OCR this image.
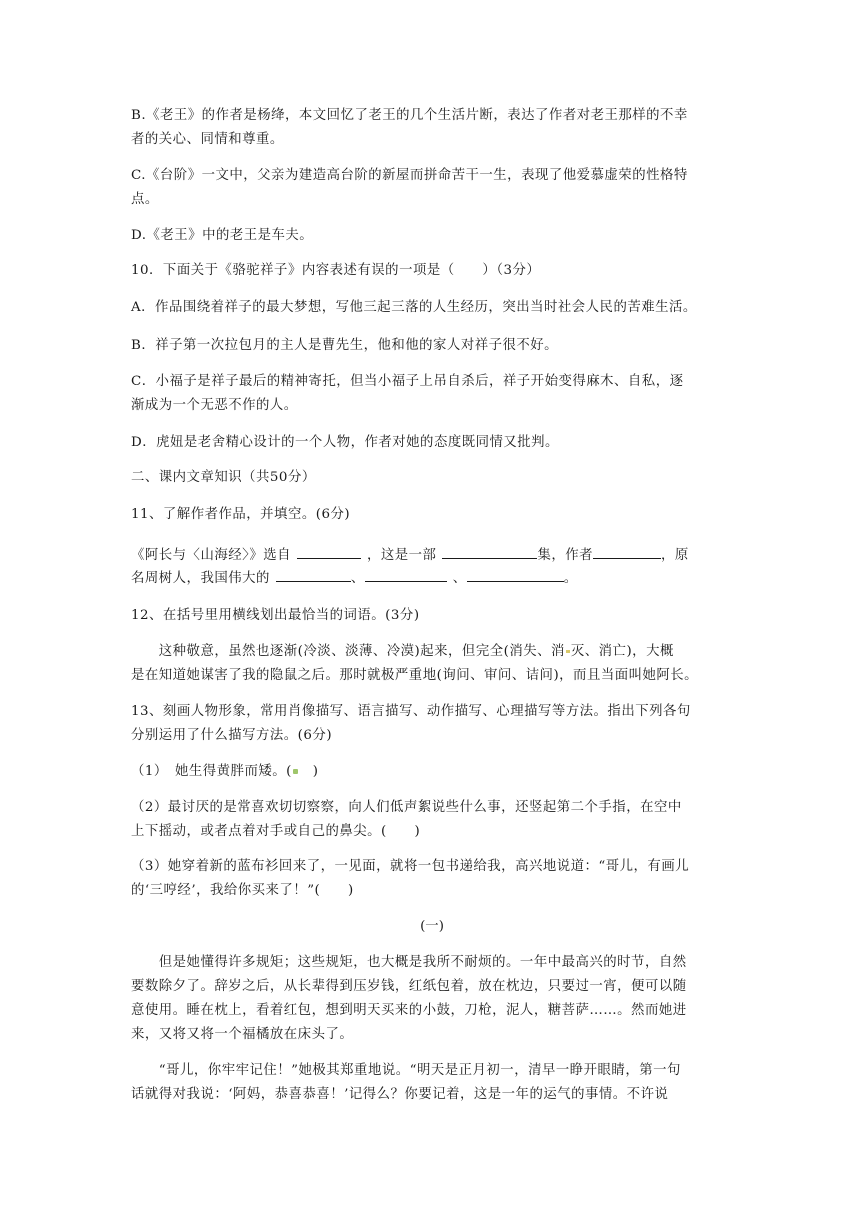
B.《老王》的作者是杨绛，本文回忆了老王的几个生活片断，表达了作者对老王那样的不幸
者的关心、同情和尊重。
C.《台阶》一文中，父亲为建造高台阶的新屋而拼命苦干一生，表现了他爱慕虚荣的性格特
点。
D.《老王》中的老王是车夫。
10．下面关于《骆驼祥子》内容表述有误的一项是（　　）（3分）
A．作品围绕着祥子的最大梦想，写他三起三落的人生经历，突出当时社会人民的苦难生活。
B．祥子第一次拉包月的主人是曹先生，他和他的家人对祥子很不好。
C．小福子是祥子最后的精神寄托，但当小福子上吊自杀后，祥子开始变得麻木、自私，逐
渐成为一个无恶不作的人。
D．虎妞是老舍精心设计的一个人物，作者对她的态度既同情又批判。
二、课内文章知识（共50分）
11、了解作者作品，并填空。(6分)
《阿长与〈山海经〉》选自	，这是一部	集，作者	，原
名周树人，我国伟大的	、	、	。
12、在括号里用横线划出最恰当的词语。(3分)
　　这种敬意，虽然也逐渐(冷淡、淡薄、冷漠)起来，但完全(消失、消 灭、消亡)，大概
是在知道她谋害了我的隐鼠之后。那时就极严重地(询问、审问、诘问)，而且当面叫她阿长。
13、刻画人物形象，常用肖像描写、语言描写、动作描写、心理描写等方法。指出下列各句
分别运用了什么描写方法。(6分)
（1）　她生得黄胖而矮。(　)
（2）最讨厌的是常喜欢切切察察，向人们低声絮说些什么事，还竖起第二个手指，在空中
上下摇动，或者点着对手或自己的鼻尖。(　　)
（3）她穿着新的蓝布衫回来了，一见面，就将一包书递给我，高兴地说道：“哥儿，有画儿
的‘三哼经’，我给你买来了！”(　　)
(一)
　　但是她懂得许多规矩；这些规矩，也大概是我所不耐烦的。一年中最高兴的时节，自然
要数除夕了。辞岁之后，从长辈得到压岁钱，红纸包着，放在枕边，只要过一宵，便可以随
意使用。睡在枕上，看着红包，想到明天买来的小鼓，刀枪，泥人，糖菩萨……。然而她进
来，又将又将一个福橘放在床头了。
　　“哥儿，你牢牢记住！”她极其郑重地说。“明天是正月初一，清早一睁开眼睛，第一句
话就得对我说：‘阿妈，恭喜恭喜！’记得么？你要记着，这是一年的运气的事情。不许说
